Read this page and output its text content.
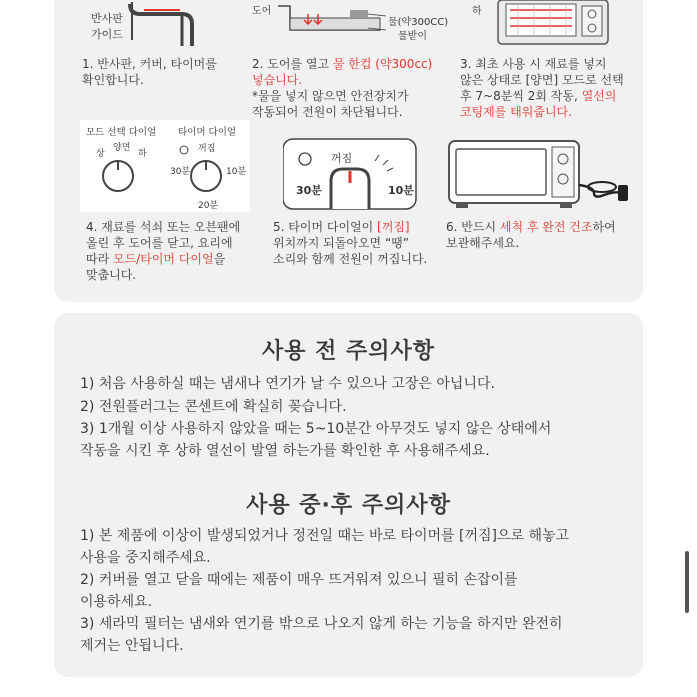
반사판
가이드
도어
물(약300CC)
물받이
하
1. 반사판, 커버, 타이머를
확인합니다.
2. 도어를 열고 물 한컵 (약300cc)
넣습니다.
*물을 넣지 않으면 안전장치가
작동되어 전원이 차단됩니다.
3. 최초 사용 시 재료를 넣지
않은 상태로 [양면] 모드로 선택
후 7~8분씩 2회 작동, 열선의
코팅제를 태워줍니다.
모드 선택 다이얼 타이머 다이얼
양면
상	하	꺼짐
30분	10분
20분
꺼짐
30분	10분
4. 재료를 석쇠 또는 오븐팬에
올린 후 도어를 닫고, 요리에
따라 모드/타이머 다이얼을
맞춥니다.
5. 타이머 다이얼이 [꺼짐]
위치까지 되돌아오면 “땡”
소리와 함께 전원이 꺼집니다.
6. 반드시 세척 후 완전 건조하여
보관해주세요.
사용 전 주의사항
1) 처음 사용하실 때는 냄새나 연기가 날 수 있으나 고장은 아닙니다.
2) 전원플러그는 콘센트에 확실히 꽂습니다.
3) 1개월 이상 사용하지 않았을 때는 5~10분간 아무것도 넣지 않은 상태에서
작동을 시킨 후 상하 열선이 발열 하는가를 확인한 후 사용해주세요.
사용 중·후 주의사항
1) 본 제품에 이상이 발생되었거나 정전일 때는 바로 타이머를 [꺼짐]으로 해놓고
사용을 중지해주세요.
2) 커버를 열고 닫을 때에는 제품이 매우 뜨거워져 있으니 필히 손잡이를
이용하세요.
3) 세라믹 필터는 냄새와 연기를 밖으로 나오지 않게 하는 기능을 하지만 완전히
제거는 안됩니다.
